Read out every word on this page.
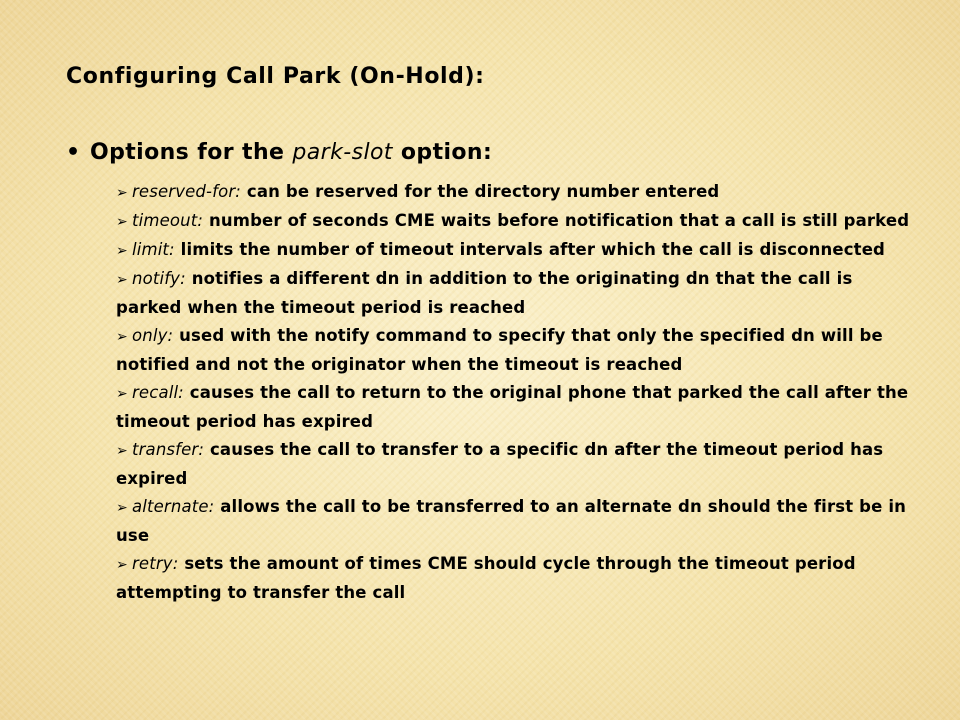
Configuring Call Park (On-Hold):
• Options for the park-slot option:
➢ reserved-for: can be reserved for the directory number entered
➢ timeout: number of seconds CME waits before notification that a call is still parked
➢ limit: limits the number of timeout intervals after which the call is disconnected
➢ notify: notifies a different dn in addition to the originating dn that the call is parked when the timeout period is reached
➢ only: used with the notify command to specify that only the specified dn will be notified and not the originator when the timeout is reached
➢ recall: causes the call to return to the original phone that parked the call after the timeout period has expired
➢ transfer: causes the call to transfer to a specific dn after the timeout period has expired
➢ alternate: allows the call to be transferred to an alternate dn should the first be in use
➢ retry: sets the amount of times CME should cycle through the timeout period attempting to transfer the call
